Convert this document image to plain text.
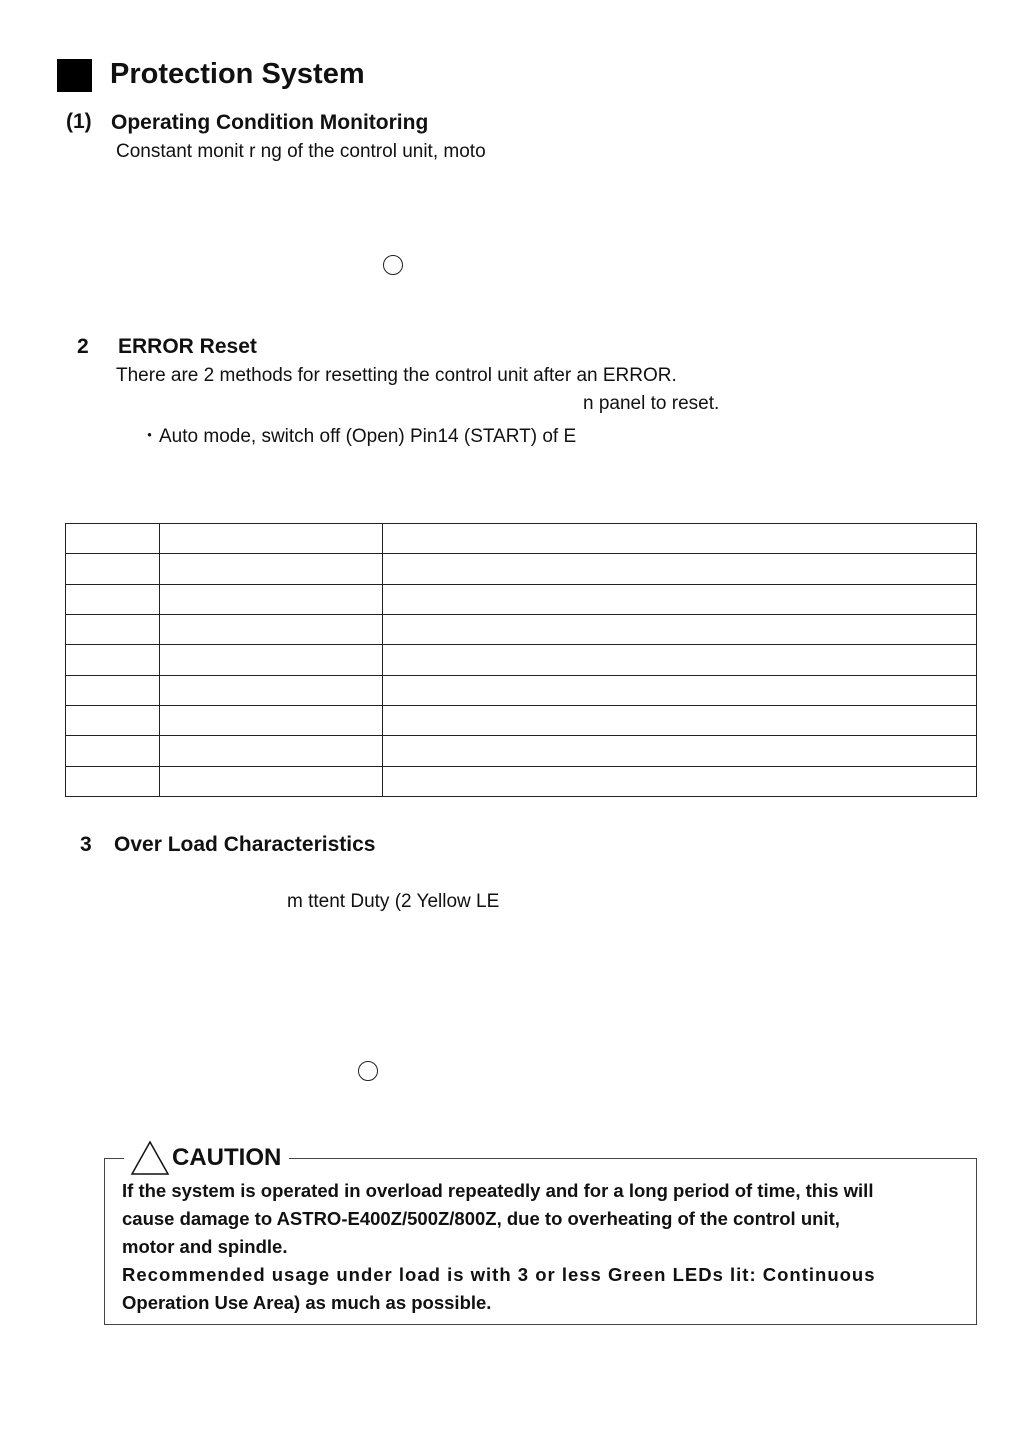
Protection System
(1) Operating Condition Monitoring
Constant monit r ng of the control unit, moto
2 ERROR Reset
There are 2 methods for resetting the control unit after an ERROR.
n panel to reset.
・Auto mode, switch off (Open) Pin14 (START) of E

3 Over Load Characteristics
m ttent Duty (2 Yellow LE
CAUTION
If the system is operated in overload repeatedly and for a long period of time, this will
cause damage to ASTRO-E400Z/500Z/800Z, due to overheating of the control unit,
motor and spindle.
Recommended usage under load is with 3 or less Green LEDs lit: Continuous
Operation Use Area) as much as possible.
